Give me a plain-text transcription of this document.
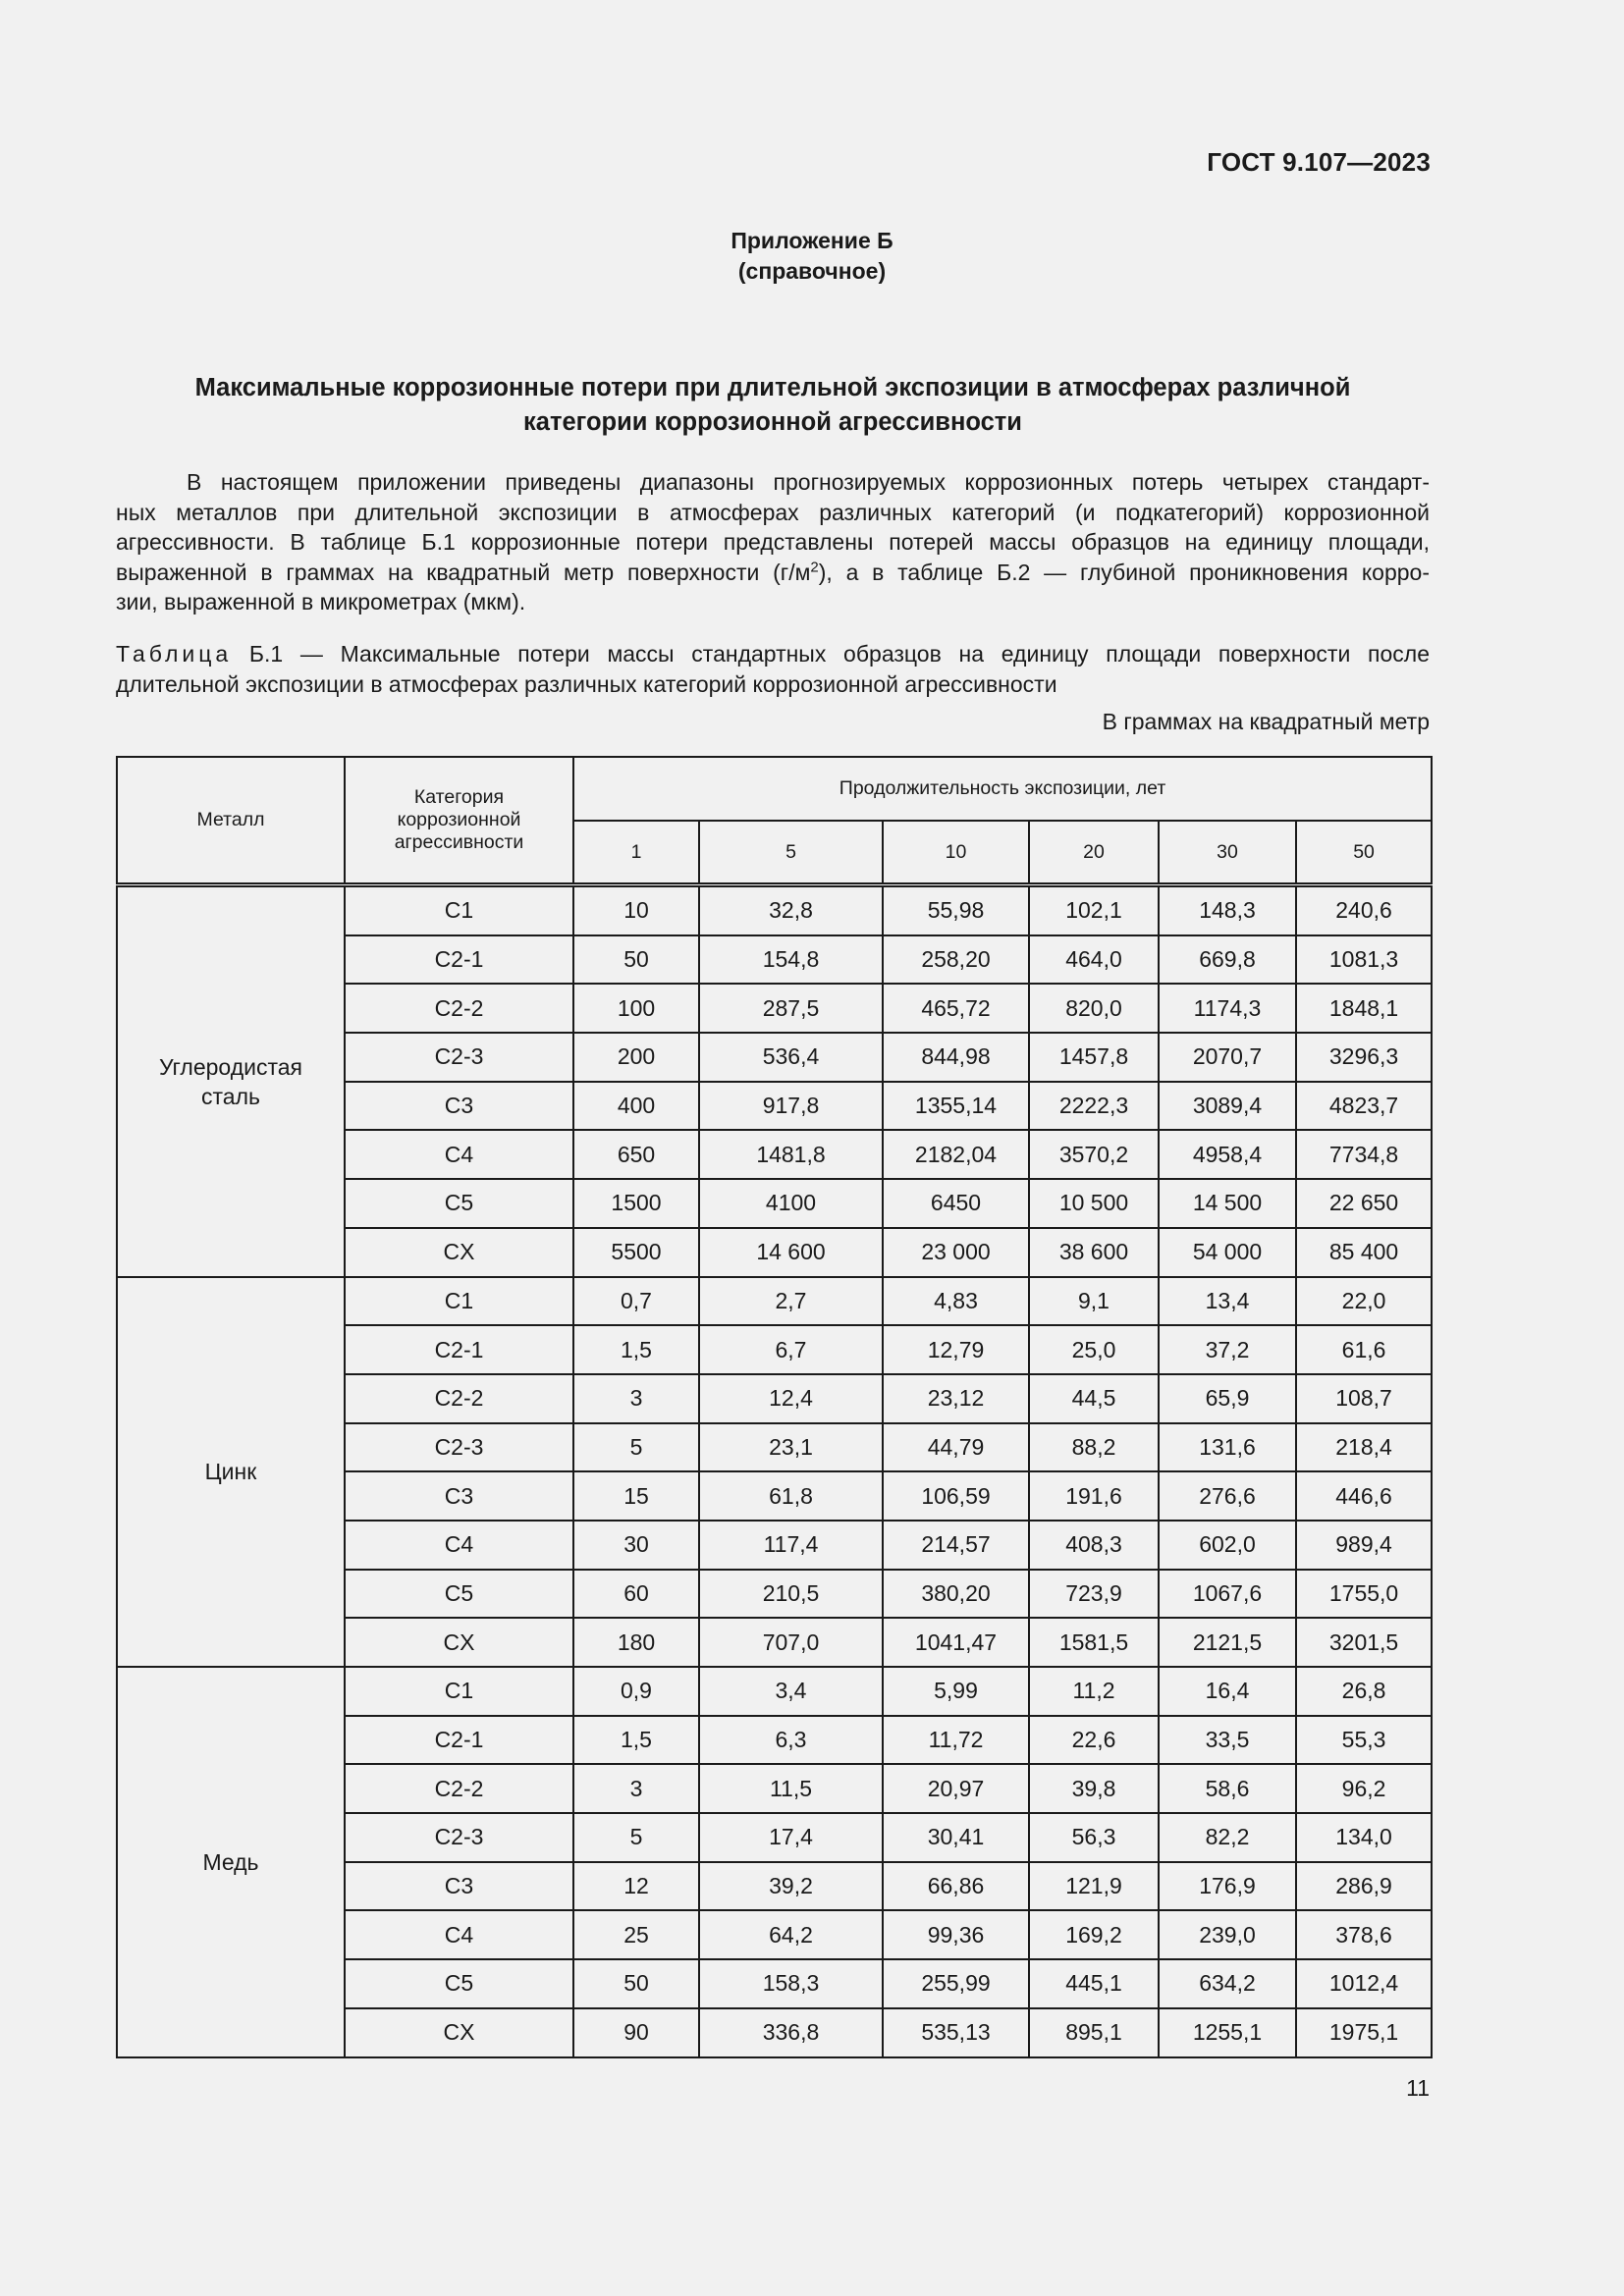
ГОСТ 9.107—2023
Приложение Б
(справочное)
Максимальные коррозионные потери при длительной экспозиции в атмосферах различной
категории коррозионной агрессивности
В настоящем приложении приведены диапазоны прогнозируемых коррозионных потерь четырех стандарт-
ных металлов при длительной экспозиции в атмосферах различных категорий (и подкатегорий) коррозионной
агрессивности. В таблице Б.1 коррозионные потери представлены потерей массы образцов на единицу площади,
выраженной в граммах на квадратный метр поверхности $(г/м^2)$, а в таблице Б.2 — глубиной проникновения корро-
зии, выраженной в микрометрах (мкм).
Таблица Б.1 — Максимальные потери массы стандартных образцов на единицу площади поверхности после
длительной экспозиции в атмосферах различных категорий коррозионной агрессивности
В граммах на квадратный метр
Металл	Категория коррозионной агрессивности	Продолжительность экспозиции, лет					
		1	5	10	20	30	50
Углеродистая сталь	C1	10	32,8	55,98	102,1	148,3	240,6
	C2-1	50	154,8	258,20	464,0	669,8	1081,3
	C2-2	100	287,5	465,72	820,0	1174,3	1848,1
	C2-3	200	536,4	844,98	1457,8	2070,7	3296,3
	C3	400	917,8	1355,14	2222,3	3089,4	4823,7
	C4	650	1481,8	2182,04	3570,2	4958,4	7734,8
	C5	1500	4100	6450	10 500	14 500	22 650
	CX	5500	14 600	23 000	38 600	54 000	85 400
Цинк	C1	0,7	2,7	4,83	9,1	13,4	22,0
	C2-1	1,5	6,7	12,79	25,0	37,2	61,6
	C2-2	3	12,4	23,12	44,5	65,9	108,7
	C2-3	5	23,1	44,79	88,2	131,6	218,4
	C3	15	61,8	106,59	191,6	276,6	446,6
	C4	30	117,4	214,57	408,3	602,0	989,4
	C5	60	210,5	380,20	723,9	1067,6	1755,0
	CX	180	707,0	1041,47	1581,5	2121,5	3201,5
Медь	C1	0,9	3,4	5,99	11,2	16,4	26,8
	C2-1	1,5	6,3	11,72	22,6	33,5	55,3
	C2-2	3	11,5	20,97	39,8	58,6	96,2
	C2-3	5	17,4	30,41	56,3	82,2	134,0
	C3	12	39,2	66,86	121,9	176,9	286,9
	C4	25	64,2	99,36	169,2	239,0	378,6
	C5	50	158,3	255,99	445,1	634,2	1012,4
	CX	90	336,8	535,13	895,1	1255,1	1975,1
11
